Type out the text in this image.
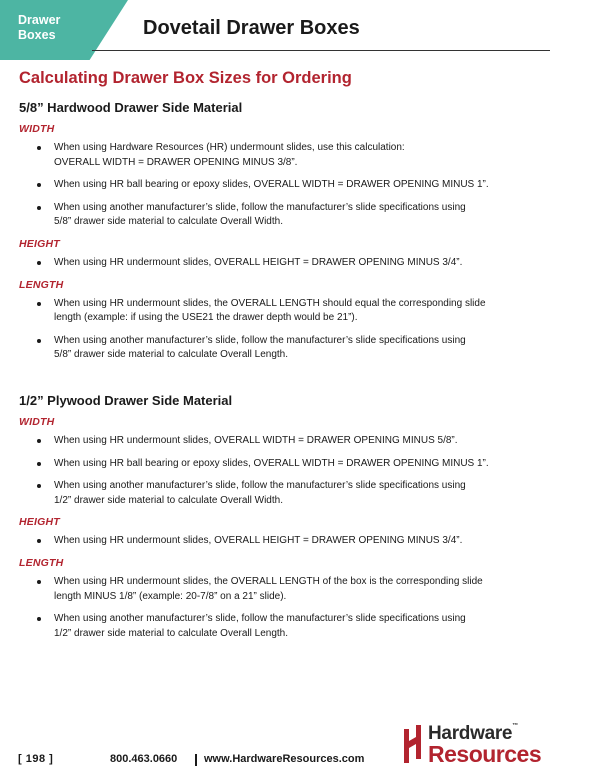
Drawer
Boxes	Dovetail Drawer Boxes
Calculating Drawer Box Sizes for Ordering
5/8” Hardwood Drawer Side Material
WIDTH
When using Hardware Resources (HR) undermount slides, use this calculation:
OVERALL WIDTH = DRAWER OPENING MINUS 3/8”.
When using HR ball bearing or epoxy slides, OVERALL WIDTH = DRAWER OPENING MINUS 1”.
When using another manufacturer’s slide, follow the manufacturer’s slide specifications using
5/8” drawer side material to calculate Overall Width.
HEIGHT
When using HR undermount slides, OVERALL HEIGHT = DRAWER OPENING MINUS 3/4”.
LENGTH
When using HR undermount slides, the OVERALL LENGTH should equal the corresponding slide
length (example: if using the USE21 the drawer depth would be 21”).
When using another manufacturer’s slide, follow the manufacturer’s slide specifications using
5/8” drawer side material to calculate Overall Length.
1/2” Plywood Drawer Side Material
WIDTH
When using HR undermount slides, OVERALL WIDTH = DRAWER OPENING MINUS 5/8”.
When using HR ball bearing or epoxy slides, OVERALL WIDTH = DRAWER OPENING MINUS 1”.
When using another manufacturer’s slide, follow the manufacturer’s slide specifications using
1/2” drawer side material to calculate Overall Width.
HEIGHT
When using HR undermount slides, OVERALL HEIGHT = DRAWER OPENING MINUS 3/4”.
LENGTH
When using HR undermount slides, the OVERALL LENGTH of the box is the corresponding slide
length MINUS 1/8” (example: 20-7/8” on a 21” slide).
When using another manufacturer’s slide, follow the manufacturer’s slide specifications using
1/2” drawer side material to calculate Overall Length.
[ 198 ]	800.463.0660 www.HardwareResources.com
Hardware™
Resources
